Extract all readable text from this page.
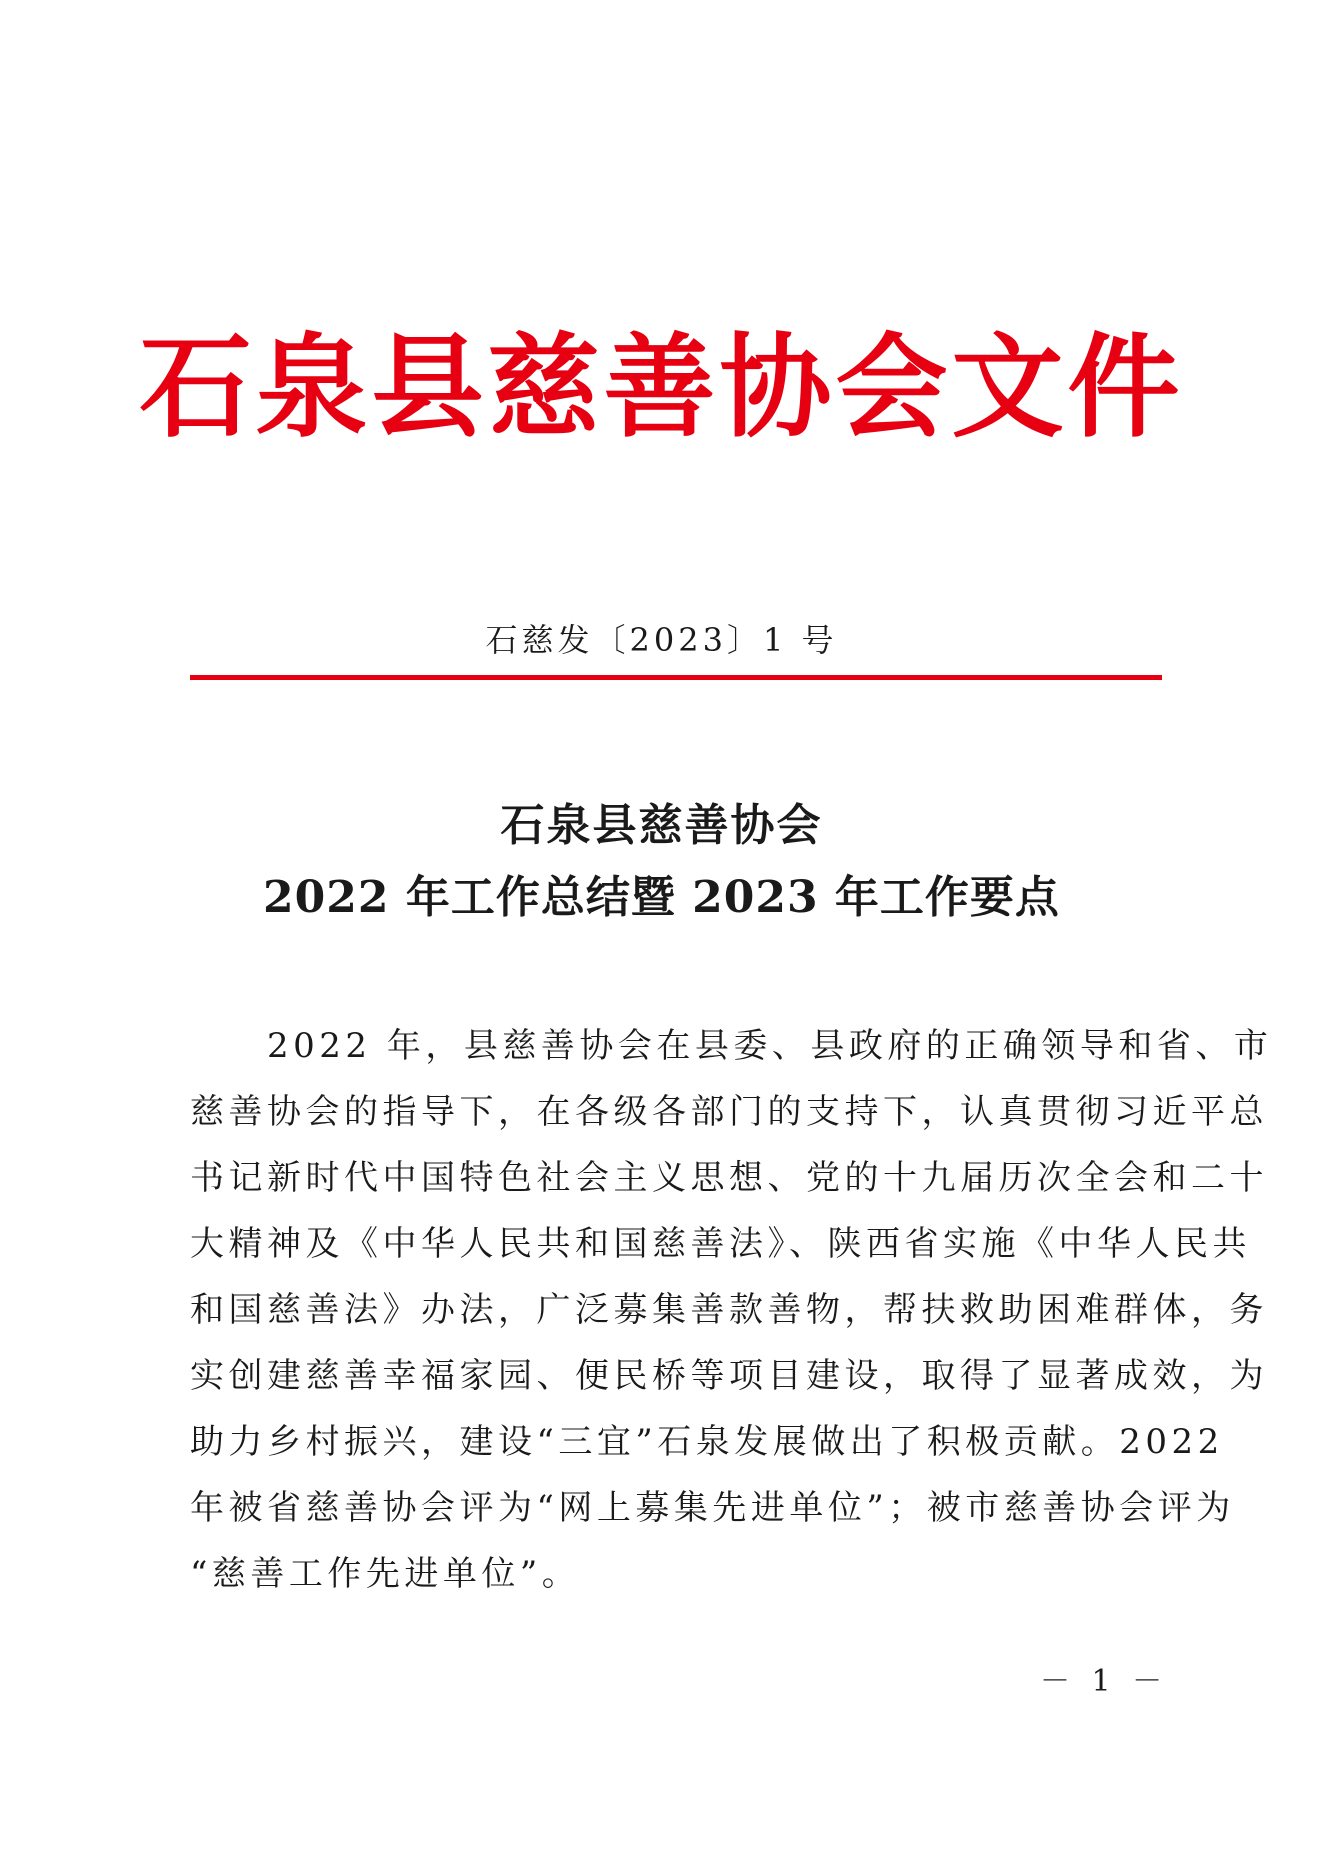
石泉县慈善协会文件
石慈发〔2023〕1 号
石泉县慈善协会
2022 年工作总结暨 2023 年工作要点
　　2022 年，县慈善协会在县委、县政府的正确领导和省、市
慈善协会的指导下，在各级各部门的支持下，认真贯彻习近平总
书记新时代中国特色社会主义思想、党的十九届历次全会和二十
大精神及《中华人民共和国慈善法》、陕西省实施《中华人民共
和国慈善法》办法，广泛募集善款善物，帮扶救助困难群体，务
实创建慈善幸福家园、便民桥等项目建设，取得了显著成效，为
助力乡村振兴，建设“三宜”石泉发展做出了积极贡献。2022
年被省慈善协会评为“网上募集先进单位”；被市慈善协会评为
“慈善工作先进单位”。
－ 1 －
